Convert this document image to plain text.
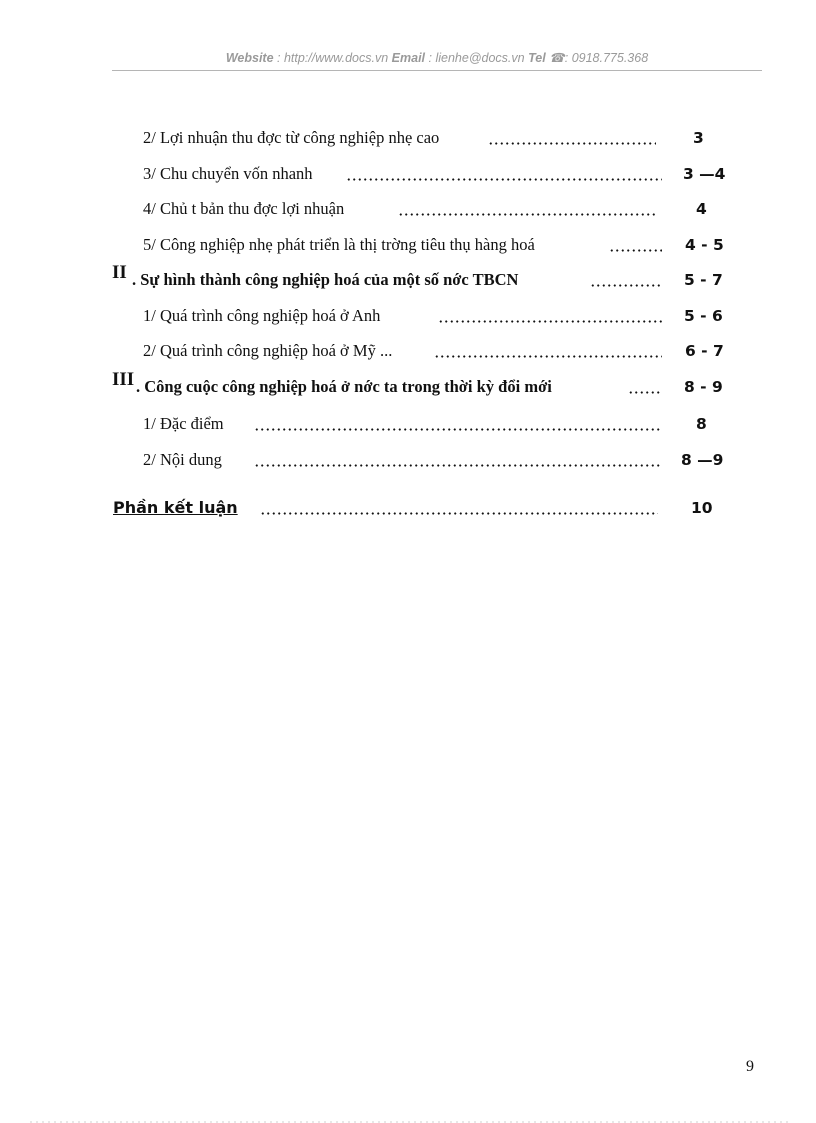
Website : http://www.docs.vn Email : lienhe@docs.vn Tel ☎: 0918.775.368
2/ Lợi nhuận thu đợc từ công nghiệp nhẹ cao	3
3/ Chu chuyển vốn nhanh	3 —4
4/ Chủ t bản thu đợc lợi nhuận	4
5/ Công nghiệp nhẹ phát triển là thị trờng tiêu thụ hàng hoá	4 - 5
II . Sự hình thành công nghiệp hoá của một số nớc TBCN	5 - 7
1/ Quá trình công nghiệp hoá ở Anh	5 - 6
2/ Quá trình công nghiệp hoá ở Mỹ ...	6 - 7
III . Công cuộc công nghiệp hoá ở nớc ta trong thời kỳ đổi mới	8 - 9
1/ Đặc điểm	8
2/ Nội dung	8 —9
Phần kết luận	10
9
